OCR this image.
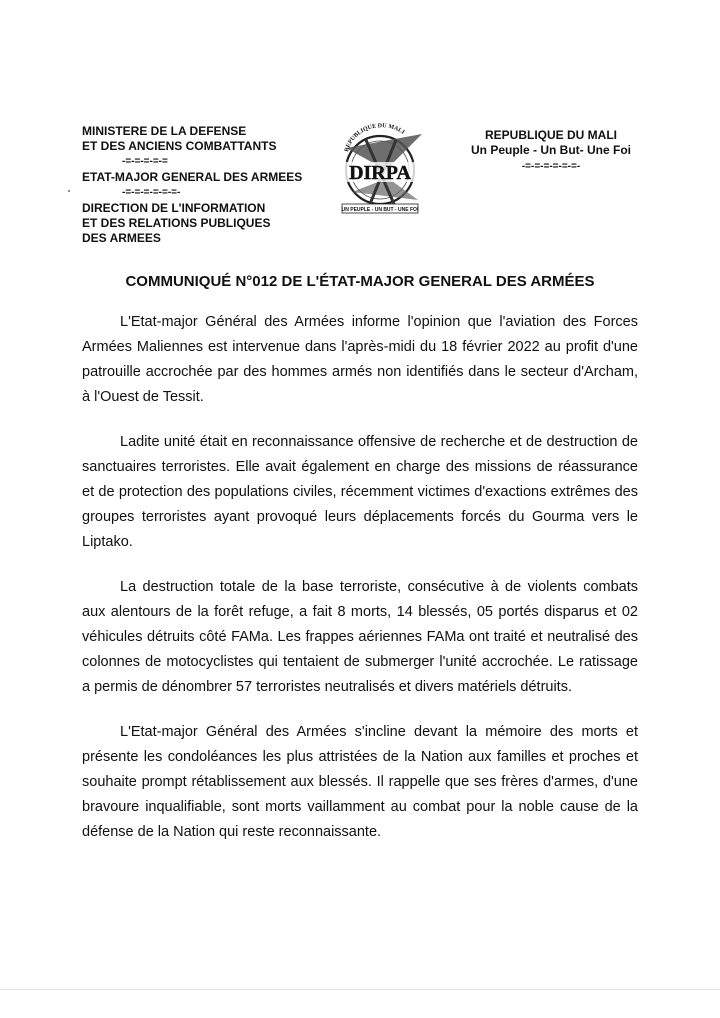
MINISTERE DE LA DEFENSE
ET DES ANCIENS COMBATTANTS
-=-=-=-=-=
ETAT-MAJOR GENERAL DES ARMEES
-=-=-=-=-=-=-
DIRECTION DE L'INFORMATION
ET DES RELATIONS PUBLIQUES
DES ARMEES
REPUBLIQUE DU MALI
DIRPA
UN PEUPLE - UN BUT - UNE FOI
REPUBLIQUE DU MALI
Un Peuple - Un But- Une Foi
-=-=-=-=-=-=-
COMMUNIQUÉ N°012 DE L'ÉTAT-MAJOR GENERAL DES ARMÉES

L'Etat-major Général des Armées informe l'opinion que l'aviation des Forces Armées Maliennes est intervenue dans l'après-midi du 18 février 2022 au profit d'une patrouille accrochée par des hommes armés non identifiés dans le secteur d'Archam, à l'Ouest de Tessit.

Ladite unité était en reconnaissance offensive de recherche et de destruction de sanctuaires terroristes. Elle avait également en charge des missions de réassurance et de protection des populations civiles, récemment victimes d'exactions extrêmes des groupes terroristes ayant provoqué leurs déplacements forcés du Gourma vers le Liptako.

La destruction totale de la base terroriste, consécutive à de violents combats aux alentours de la forêt refuge, a fait 8 morts, 14 blessés, 05 portés disparus et 02 véhicules détruits côté FAMa. Les frappes aériennes FAMa ont traité et neutralisé des colonnes de motocyclistes qui tentaient de submerger l'unité accrochée. Le ratissage a permis de dénombrer 57 terroristes neutralisés et divers matériels détruits.

L'Etat-major Général des Armées s'incline devant la mémoire des morts et présente les condoléances les plus attristées de la Nation aux familles et proches et souhaite prompt rétablissement aux blessés. Il rappelle que ses frères d'armes, d'une bravoure inqualifiable, sont morts vaillamment au combat pour la noble cause de la défense de la Nation qui reste reconnaissante.
